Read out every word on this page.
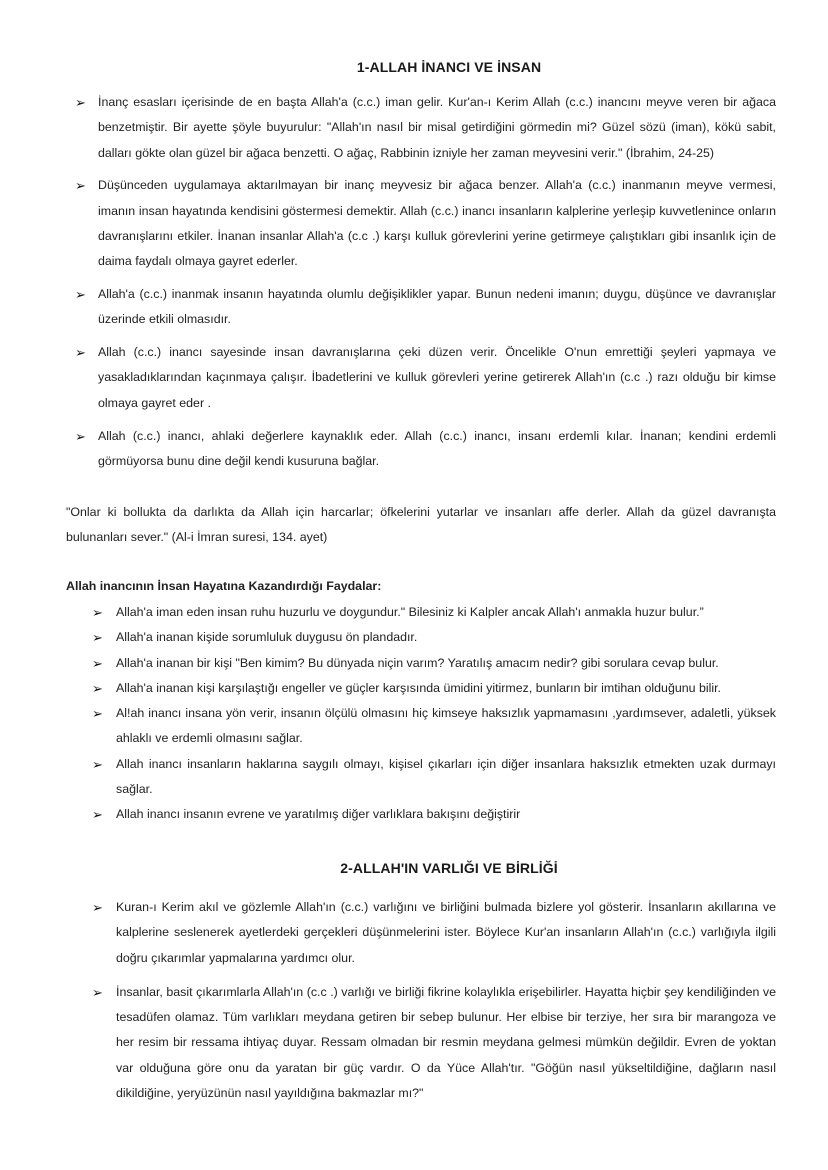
1-ALLAH İNANCI VE İNSAN
➢ İnanç esasları içerisinde de en başta Allah'a (c.c.) iman gelir. Kur'an-ı Kerim Allah (c.c.) inancını meyve veren bir ağaca benzetmiştir. Bir ayette şöyle buyurulur: "Allah'ın nasıl bir misal getirdiğini görmedin mi? Güzel sözü (iman), kökü sabit, dalları gökte olan güzel bir ağaca benzetti. O ağaç, Rabbinin izniyle her zaman meyvesini verir." (İbrahim, 24-25)
➢ Düşünceden uygulamaya aktarılmayan bir inanç meyvesiz bir ağaca benzer. Allah'a (c.c.) inanmanın meyve vermesi, imanın insan hayatında kendisini göstermesi demektir. Allah (c.c.) inancı insanların kalplerine yerleşip kuvvetlenince onların davranışlarını etkiler. İnanan insanlar Allah'a (c.c .) karşı kulluk görevlerini yerine getirmeye çalıştıkları gibi insanlık için de daima faydalı olmaya gayret ederler.
➢ Allah'a (c.c.) inanmak insanın hayatında olumlu değişiklikler yapar. Bunun nedeni imanın; duygu, düşünce ve davranışlar üzerinde etkili olmasıdır.
➢ Allah (c.c.) inancı sayesinde insan davranışlarına çeki düzen verir. Öncelikle O'nun emrettiği şeyleri yapmaya ve yasakladıklarından kaçınmaya çalışır. İbadetlerini ve kulluk görevleri yerine getirerek Allah'ın (c.c .) razı olduğu bir kimse olmaya gayret eder .
➢ Allah (c.c.) inancı, ahlaki değerlere kaynaklık eder. Allah (c.c.) inancı, insanı erdemli kılar. İnanan; kendini erdemli görmüyorsa bunu dine değil kendi kusuruna bağlar.

"Onlar ki bollukta da darlıkta da Allah için harcarlar; öfkelerini yutarlar ve insanları affe derler. Allah da güzel davranışta bulunanları sever." (Al-i İmran suresi, 134. ayet)

Allah inancının İnsan Hayatına Kazandırdığı Faydalar:

➢ Allah'a iman eden insan ruhu huzurlu ve doygundur." Bilesiniz ki Kalpler ancak Allah'ı anmakla huzur bulur.”
➢ Allah'a inanan kişide sorumluluk duygusu ön plandadır.
➢ Allah'a inanan bir kişi "Ben kimim? Bu dünyada niçin varım? Yaratılış amacım nedir? gibi sorulara cevap bulur.
➢ Allah'a inanan kişi karşılaştığı engeller ve güçler karşısında ümidini yitirmez, bunların bir imtihan olduğunu bilir.
➢ Al!ah inancı insana yön verir, insanın ölçülü olmasını hiç kimseye haksızlık yapmamasını ,yardımsever, adaletli, yüksek ahlaklı ve erdemli olmasını sağlar.
➢ Allah inancı insanların haklarına saygılı olmayı, kişisel çıkarları için diğer insanlara haksızlık etmekten uzak durmayı sağlar.
➢ Allah inancı insanın evrene ve yaratılmış diğer varlıklara bakışını değiştirir
2-ALLAH'IN VARLIĞI VE BİRLİĞİ
➢ Kuran-ı Kerim akıl ve gözlemle Allah'ın (c.c.) varlığını ve birliğini bulmada bizlere yol gösterir. İnsanların akıllarına ve kalplerine seslenerek ayetlerdeki gerçekleri düşünmelerini ister. Böylece Kur'an insanların Allah'ın (c.c.) varlığıyla ilgili doğru çıkarımlar yapmalarına yardımcı olur.
➢ İnsanlar, basit çıkarımlarla Allah'ın (c.c .) varlığı ve birliği fikrine kolaylıkla erişebilirler. Hayatta hiçbir şey kendiliğinden ve tesadüfen olamaz. Tüm varlıkları meydana getiren bir sebep bulunur. Her elbise bir terziye, her sıra bir marangoza ve her resim bir ressama ihtiyaç duyar. Ressam olmadan bir resmin meydana gelmesi mümkün değildir. Evren de yoktan var olduğuna göre onu da yaratan bir güç vardır. O da Yüce Allah'tır. "Göğün nasıl yükseltildiğine, dağların nasıl dikildiğine, yeryüzünün nasıl yayıldığına bakmazlar mı?"
